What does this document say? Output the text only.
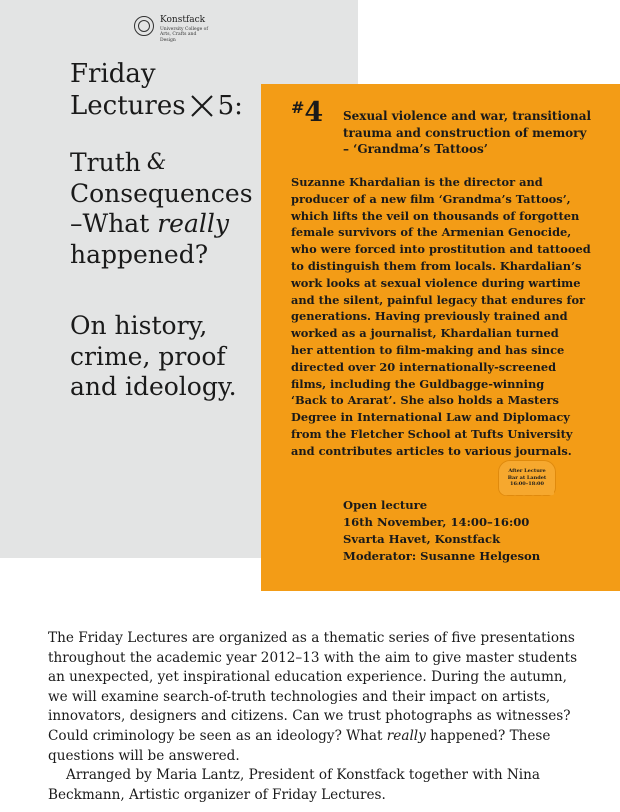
Konstfack
University College of
Arts, Crafts and Design
Friday
Lectures 5:
Truth &
Consequences
–What really
happened?
On history,
crime, proof
and ideology.
#4 Sexual violence and war, transitional
trauma and construction of memory
– ‘Grandma’s Tattoos’
Suzanne Khardalian is the director and
producer of a new film ‘Grandma’s Tattoos’,
which lifts the veil on thousands of forgotten
female survivors of the Armenian Genocide,
who were forced into prostitution and tattooed
to distinguish them from locals. Khardalian’s
work looks at sexual violence during wartime
and the silent, painful legacy that endures for
generations. Having previously trained and
worked as a journalist, Khardalian turned
her attention to film-making and has since
directed over 20 internationally-screened
films, including the Guldbagge-winning
‘Back to Ararat’. She also holds a Masters
Degree in International Law and Diplomacy
from the Fletcher School at Tufts University
and contributes articles to various journals.
After Lecture
Bar at Landet
16:00–18:00
Open lecture
16th November, 14:00–16:00
Svarta Havet, Konstfack
Moderator: Susanne Helgeson
The Friday Lectures are organized as a thematic series of five presentations
throughout the academic year 2012–13 with the aim to give master students
an unexpected, yet inspirational education experience. During the autumn,
we will examine search-of-truth technologies and their impact on artists,
innovators, designers and citizens. Can we trust photographs as witnesses?
Could criminology be seen as an ideology? What really happened? These
questions will be answered.
Arranged by Maria Lantz, President of Konstfack together with Nina
Beckmann, Artistic organizer of Friday Lectures.
